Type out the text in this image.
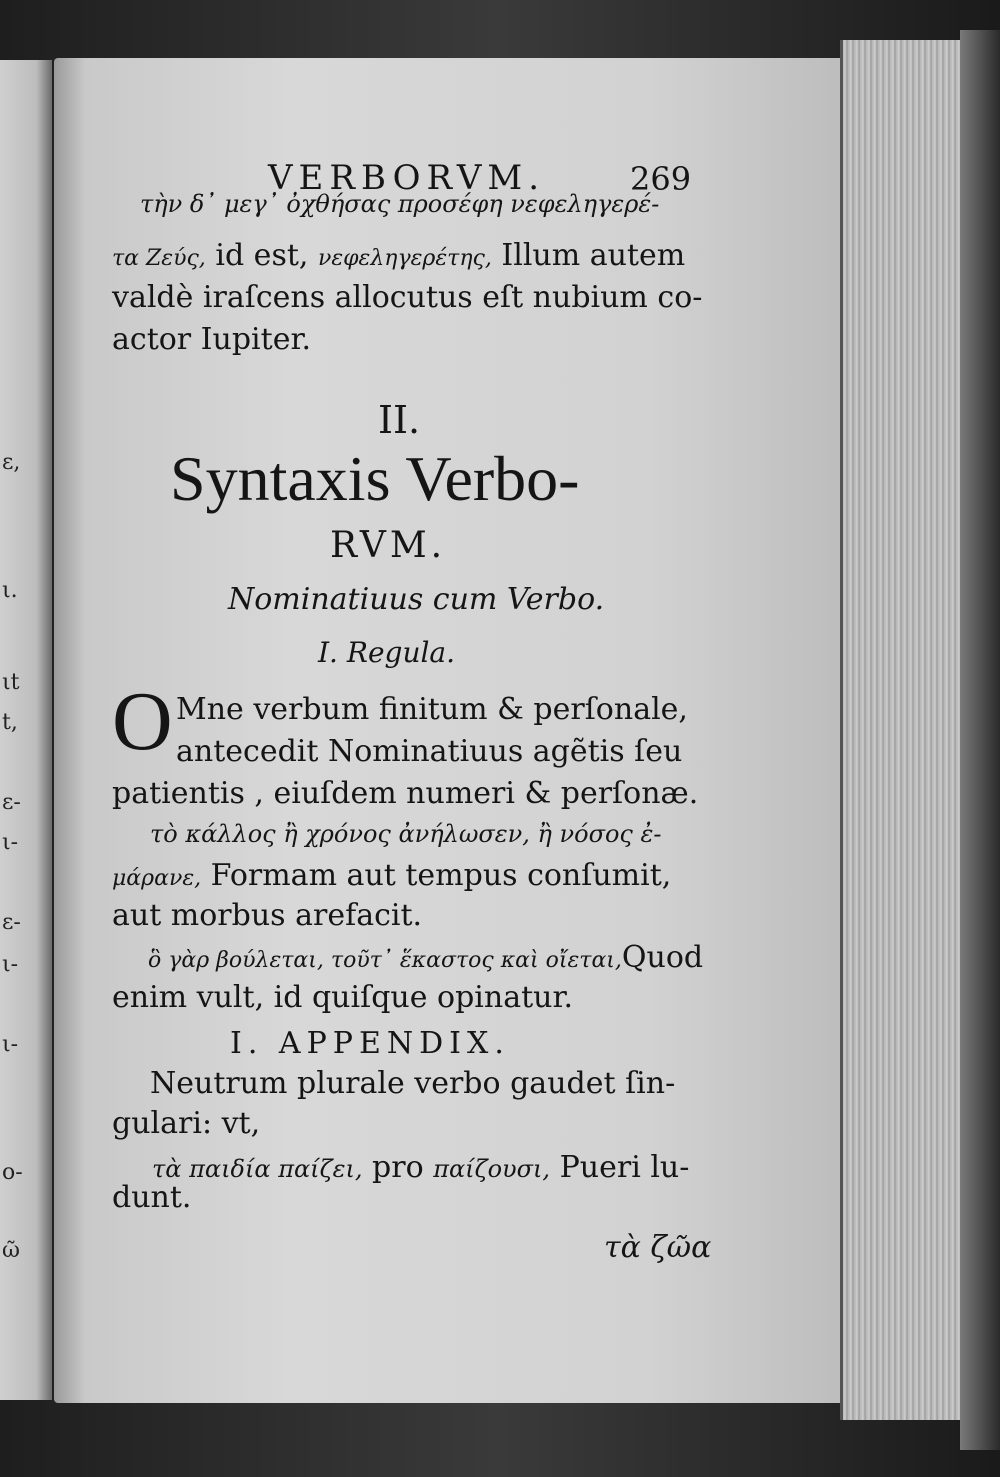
ε,
ι.
ιt
t,
ε-
ι-
ε-
ι-
ι-
ο-
ῶ
VERBORVM.	269
τὴν δ᾽ μεγ᾽ ὀχθήσας προσέφη νεφεληγερέ-
τα Ζεύς, id est, νεφεληγερέτης, Illum autem
valdè iraſcens allocutus eſt nubium co-
actor Iupiter.
II.
Syntaxis Verbo-
RVM.
Nominatiuus cum Verbo.
I. Regula.
O Mne verbum finitum & perſonale,
antecedit Nominatiuus agẽtis ſeu
patientis , eiuſdem numeri & perſonæ.
τὸ κάλλος ἢ χρόνος ἀνήλωσεν, ἢ νόσος ἐ-
μάρανε, Formam aut tempus conſumit,
aut morbus arefacit.
ὃ γὰρ βούλεται, τοῦτ᾽ ἕκαστος καὶ οἴεται,Quod
enim vult, id quiſque opinatur.
I. APPENDIX.
Neutrum plurale verbo gaudet ſin-
gulari: vt,
τὰ παιδία παίζει, pro παίζουσι, Pueri lu-
dunt.
τὰ ζῶα
